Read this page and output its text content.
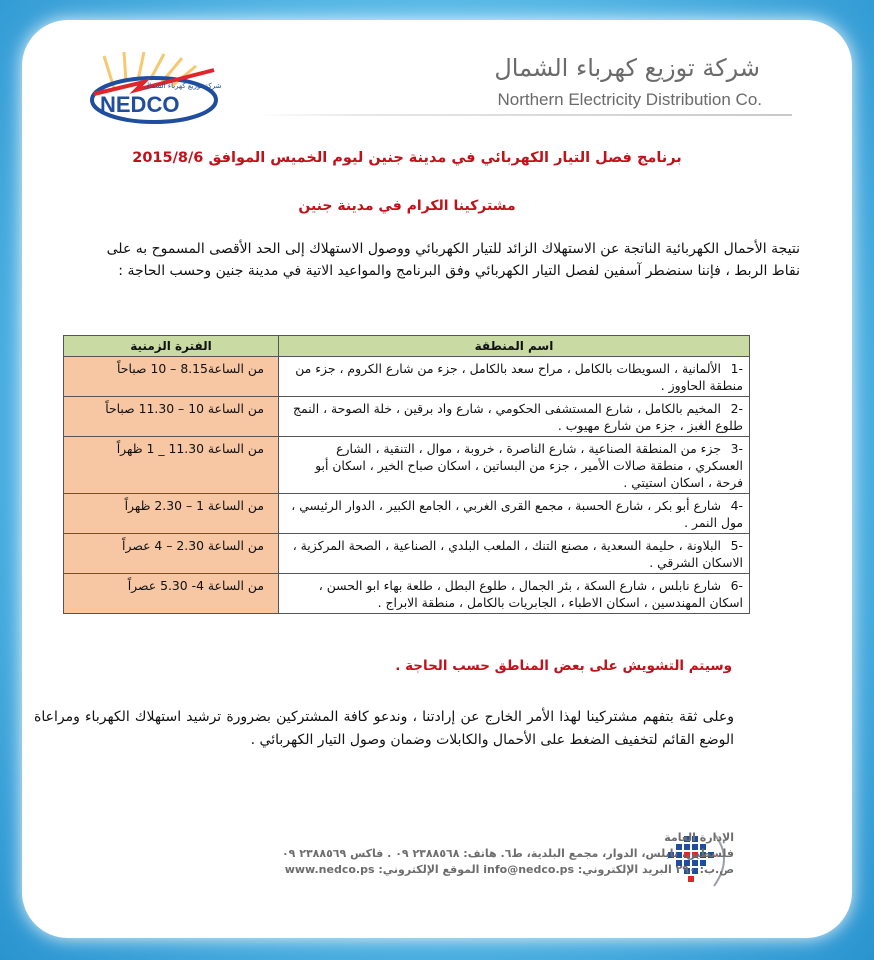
NEDCO
شركة توزيع كهرباء الشمال
شركة توزيع كهرباء الشمال
Northern Electricity Distribution Co.
برنامج فصل التيار الكهربائي في مدينة جنين ليوم الخميس الموافق 2015/8/6
مشتركينا الكرام في مدينة جنين
نتيجة الأحمال الكهربائية الناتجة عن الاستهلاك الزائد للتيار الكهربائي ووصول الاستهلاك إلى الحد الأقصى المسموح به على نقاط الربط ، فإننا سنضطر آسفين لفصل التيار الكهربائي وفق البرنامج والمواعيد الاتية في مدينة جنين وحسب الحاجة :
اسم المنطقة	الفترة الزمنية
-1الألمانية ، السويطات بالكامل ، مراح سعد بالكامل ، جزء من شارع الكروم ، جزء من منطقة الحاووز .	من الساعة8.15 – 10 صباحاً
-2المخيم بالكامل ، شارع المستشفى الحكومي ، شارع واد برقين ، خلة الصوحة ، النمج طلوع الغبز ، جزء من شارع مهيوب .	من الساعة 10 – 11.30 صباحاً
-3جزء من المنطقة الصناعية ، شارع الناصرة ، خروبة ، موال ، التنقية ، الشارع العسكري ، منطقة صالات الأمير ، جزء من البساتين ، اسكان صباح الخير ، اسكان أبو فرحة ، اسكان استيتي .	من الساعة 11.30 _ 1 ظهراً
-4شارع أبو بكر ، شارع الحسبة ، مجمع القرى الغربي ، الجامع الكبير ، الدوار الرئيسي ، مول النمر .	من الساعة 1 – 2.30 ظهراً
-5البلاونة ، حليمة السعدية ، مصنع التنك ، الملعب البلدي ، الصناعية ، الصحة المركزية ، الاسكان الشرقي .	من الساعة 2.30 – 4 عصراً
-6شارع نابلس ، شارع السكة ، بئر الجمال ، طلوع البطل ، طلعة بهاء ابو الحسن ، اسكان المهندسين ، اسكان الاطباء ، الجابريات بالكامل ، منطقة الابراج .	من الساعة 4- 5.30 عصراً
وسيتم التشويش على بعض المناطق حسب الحاجة .
وعلى ثقة بتفهم مشتركينا لهذا الأمر الخارج عن إرادتنا ، وندعو كافة المشتركين بضرورة ترشيد استهلاك الكهرباء ومراعاة الوضع القائم لتخفيف الضغط على الأحمال والكابلات وضمان وصول التيار الكهربائي .
الإدارة العامة
فلسطين، نابلس، الدوار، مجمع البلدية، ط٦. هاتف: ٢٣٨٨٥٦٨ ٠٩ . فاكس ٢٣٨٨٥٦٩ ٠٩
ص.ب: ٢٩٠ البريد الإلكتروني: info@nedco.ps الموقع الإلكتروني: www.nedco.ps
